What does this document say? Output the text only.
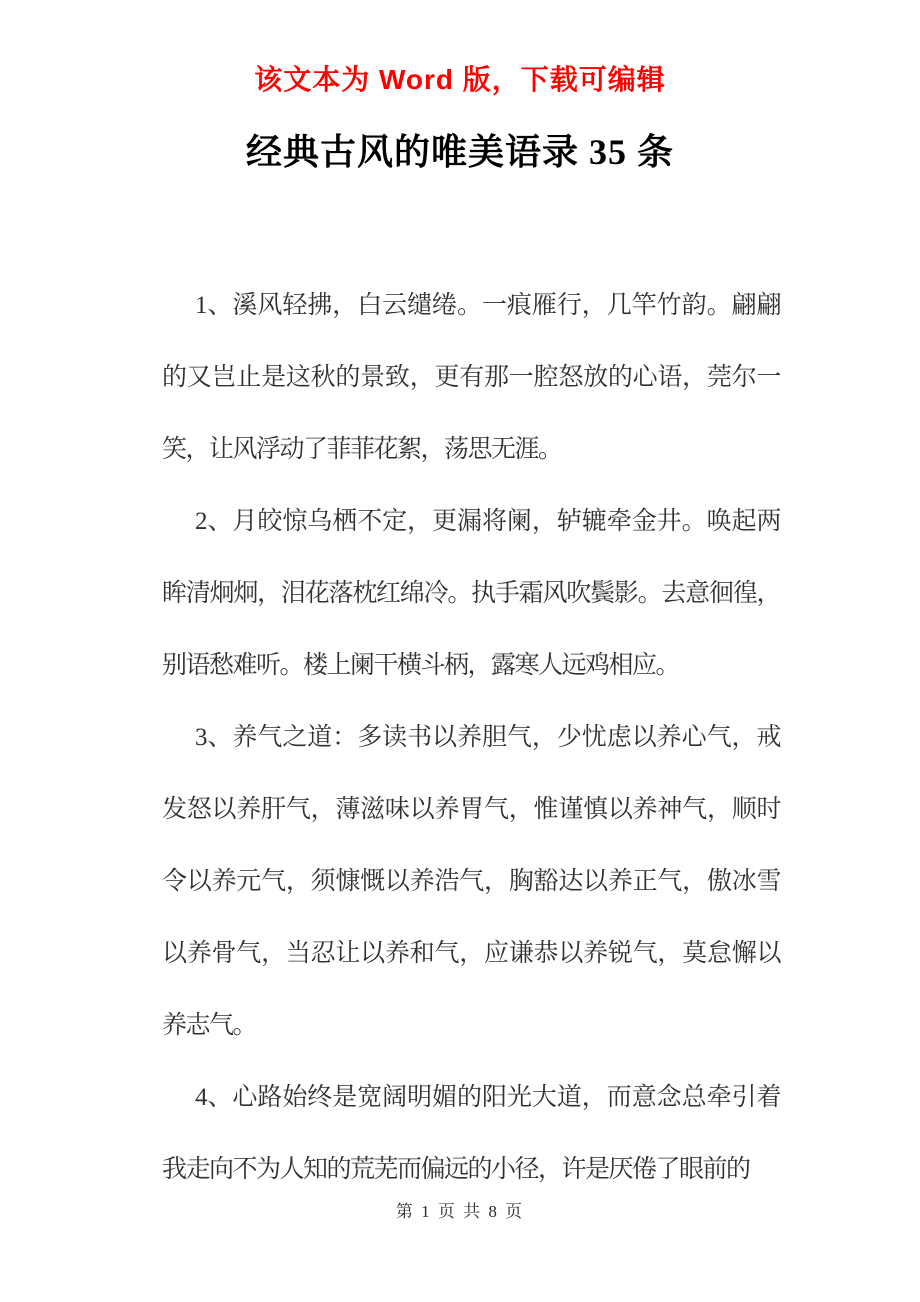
该文本为 Word 版，下载可编辑
经典古风的唯美语录 35 条
1、溪风轻拂，白云缱绻。一痕雁行，几竿竹韵。翩翩
的又岂止是这秋的景致，更有那一腔怒放的心语，莞尔一
笑，让风浮动了菲菲花絮，荡思无涯。
2、月皎惊乌栖不定，更漏将阑，轳辘牵金井。唤起两
眸清炯炯，泪花落枕红绵冷。执手霜风吹鬓影。去意徊徨，
别语愁难听。楼上阑干横斗柄，露寒人远鸡相应。
3、养气之道：多读书以养胆气，少忧虑以养心气，戒
发怒以养肝气，薄滋味以养胃气，惟谨慎以养神气，顺时
令以养元气，须慷慨以养浩气，胸豁达以养正气，傲冰雪
以养骨气，当忍让以养和气，应谦恭以养锐气，莫怠懈以
养志气。
4、心路始终是宽阔明媚的阳光大道，而意念总牵引着
我走向不为人知的荒芜而偏远的小径，许是厌倦了眼前的
第 1 页 共 8 页
